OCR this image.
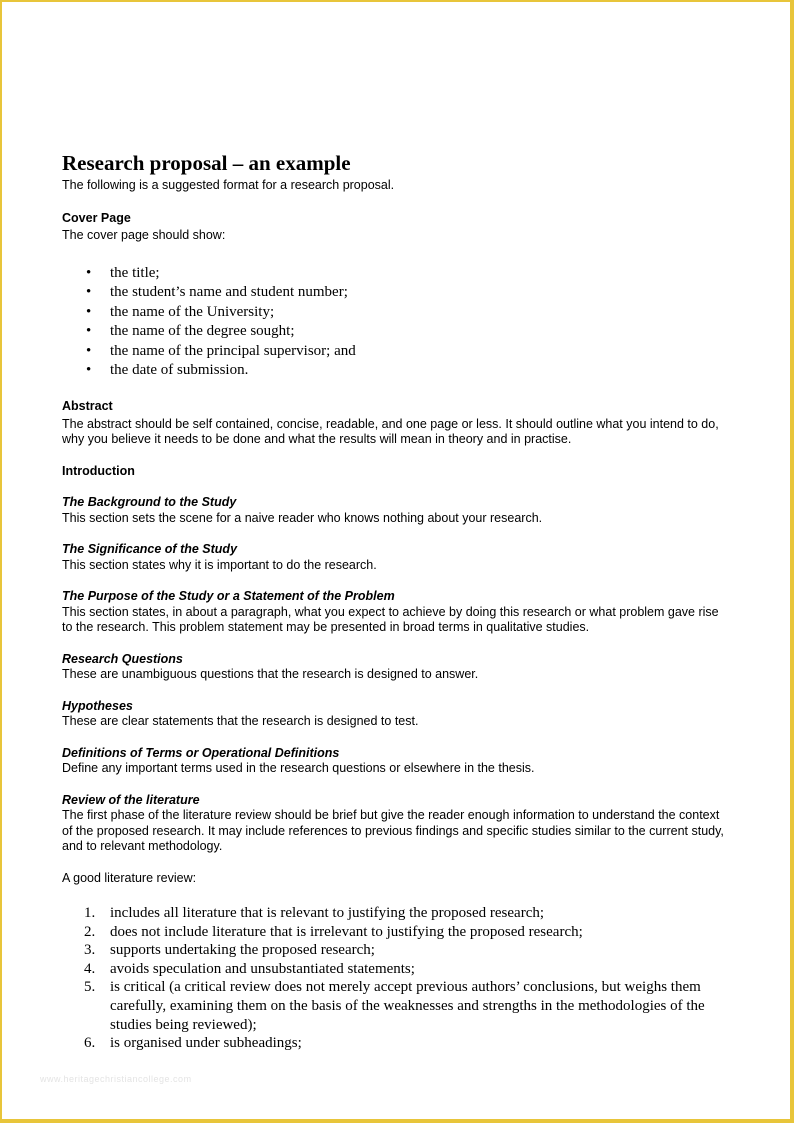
Research proposal – an example

The following is a suggested format for a research proposal.

Cover Page

The cover page should show:

• the title;
• the student’s name and student number;
• the name of the University;
• the name of the degree sought;
• the name of the principal supervisor; and
• the date of submission.
Abstract

The abstract should be self contained, concise, readable, and one page or less. It should outline what you intend to do, why you believe it needs to be done and what the results will mean in theory and in practise.

Introduction
The Background to the Study

This section sets the scene for a naive reader who knows nothing about your research.

The Significance of the Study

This section states why it is important to do the research.

The Purpose of the Study or a Statement of the Problem

This section states, in about a paragraph, what you expect to achieve by doing this research or what problem gave rise to the research. This problem statement may be presented in broad terms in qualitative studies.

Research Questions

These are unambiguous questions that the research is designed to answer.

Hypotheses

These are clear statements that the research is designed to test.

Definitions of Terms or Operational Definitions

Define any important terms used in the research questions or elsewhere in the thesis.

Review of the literature

The first phase of the literature review should be brief but give the reader enough information to understand the context of the proposed research. It may include references to previous findings and specific studies similar to the current study, and to relevant methodology.

A good literature review:

1. includes all literature that is relevant to justifying the proposed research;
2. does not include literature that is irrelevant to justifying the proposed research;
3. supports undertaking the proposed research;
4. avoids speculation and unsubstantiated statements;
5. is critical (a critical review does not merely accept previous authors’ conclusions, but weighs them carefully, examining them on the basis of the weaknesses and strengths in the methodologies of the studies being reviewed);
6. is organised under subheadings;
www.heritagechristiancollege.com
